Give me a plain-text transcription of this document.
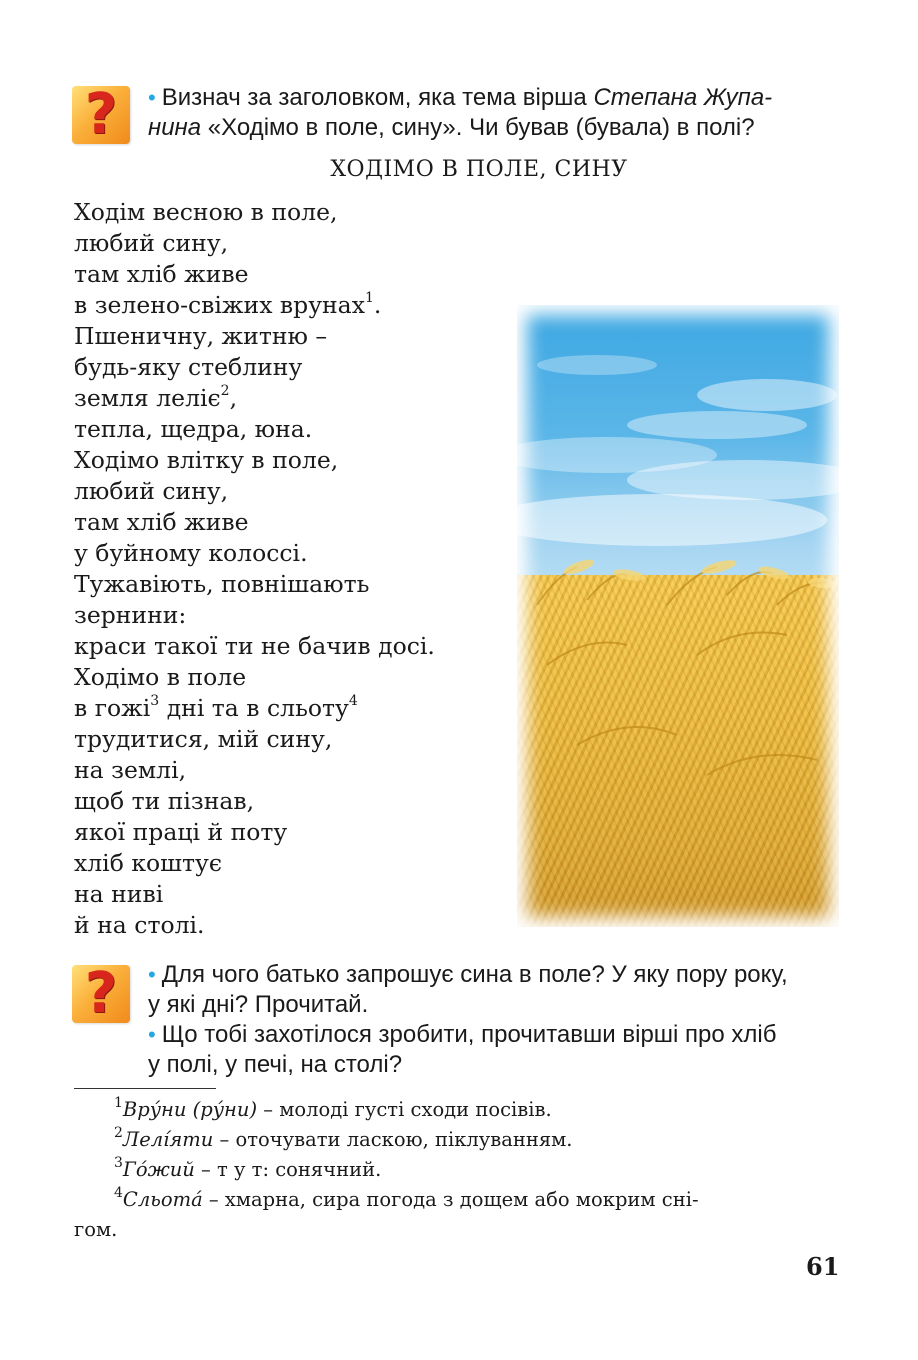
?	• Визнач за заголовком, яка тема вірша Степана Жупа-
нина «Ходімо в поле, сину». Чи бував (бувала) в полі?
ХОДІМО В ПОЛЕ, СИНУ
Ходім весною в поле,
любий сину,
там хліб живе
в зелено-свіжих врунах$^1$.
Пшеничну, житню –
будь-яку стеблину
земля леліє$^2$,
тепла, щедра, юна.
Ходімо влітку в поле,
любий сину,
там хліб живе
у буйному колоссі.
Тужавіють, повнішають
зернини:
краси такої ти не бачив досі.
Ходімо в поле
в гожі$^3$ дні та в сльоту$^4$
трудитися, мій сину,
на землі,
щоб ти пізнав,
якої праці й поту
хліб коштує
на ниві
й на столі.
?	• Для чого батько запрошує сина в поле? У яку пору року,
у які дні? Прочитай.
• Що тобі захотілося зробити, прочитавши вірші про хліб
у полі, у печі, на столі?
$^1$Вру́ни (ру́ни) – молоді густі сходи посівів.
$^2$Лелі́яти – оточувати ласкою, піклуванням.
$^3$Го́жий – т у т: сонячний.
$^4$Сльота́ – хмарна, сира погода з дощем або мокрим сні-
гом.
61
